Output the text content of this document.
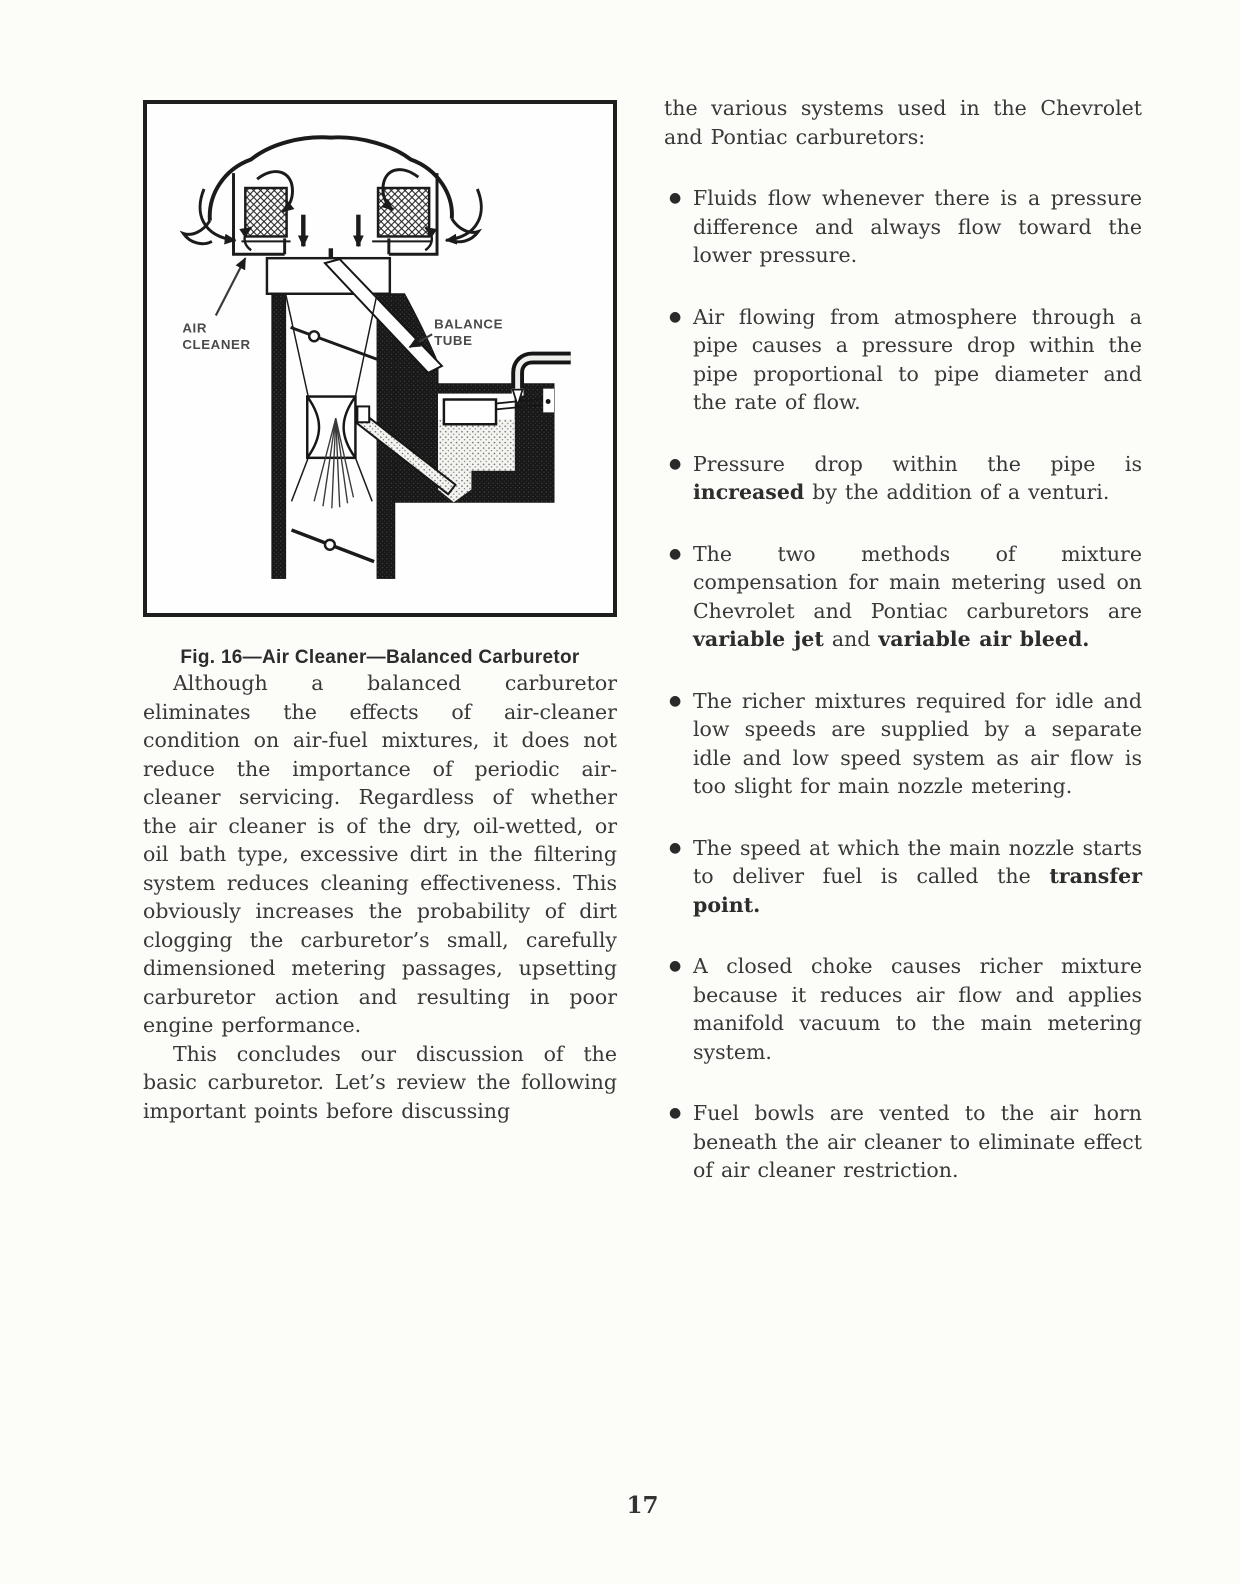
AIR
CLEANER
BALANCE
TUBE
Fig. 16—Air Cleaner—Balanced Carburetor

Although a balanced carburetor eliminates the effects of air-cleaner condition on air-fuel mixtures, it does not reduce the importance of periodic air-cleaner servicing. Regardless of whether the air cleaner is of the dry, oil-wetted, or oil bath type, excessive dirt in the filtering system reduces cleaning effectiveness. This obviously increases the probability of dirt clogging the carburetor’s small, carefully dimensioned metering passages, upsetting carburetor action and resulting in poor engine performance.

This concludes our discussion of the basic carburetor. Let’s review the following important points before discussing

the various systems used in the Chevrolet and Pontiac carburetors:
● Fluids flow whenever there is a pressure difference and always flow toward the lower pressure.
● Air flowing from atmosphere through a pipe causes a pressure drop within the pipe proportional to pipe diameter and the rate of flow.
● Pressure drop within the pipe is increased by the addition of a venturi.
● The two methods of mixture compensation for main metering used on Chevrolet and Pontiac carburetors are variable jet and variable air bleed.
● The richer mixtures required for idle and low speeds are supplied by a separate idle and low speed system as air flow is too slight for main nozzle metering.
● The speed at which the main nozzle starts to deliver fuel is called the transfer point.
● A closed choke causes richer mixture because it reduces air flow and applies manifold vacuum to the main metering system.
● Fuel bowls are vented to the air horn beneath the air cleaner to eliminate effect of air cleaner restriction.
17
